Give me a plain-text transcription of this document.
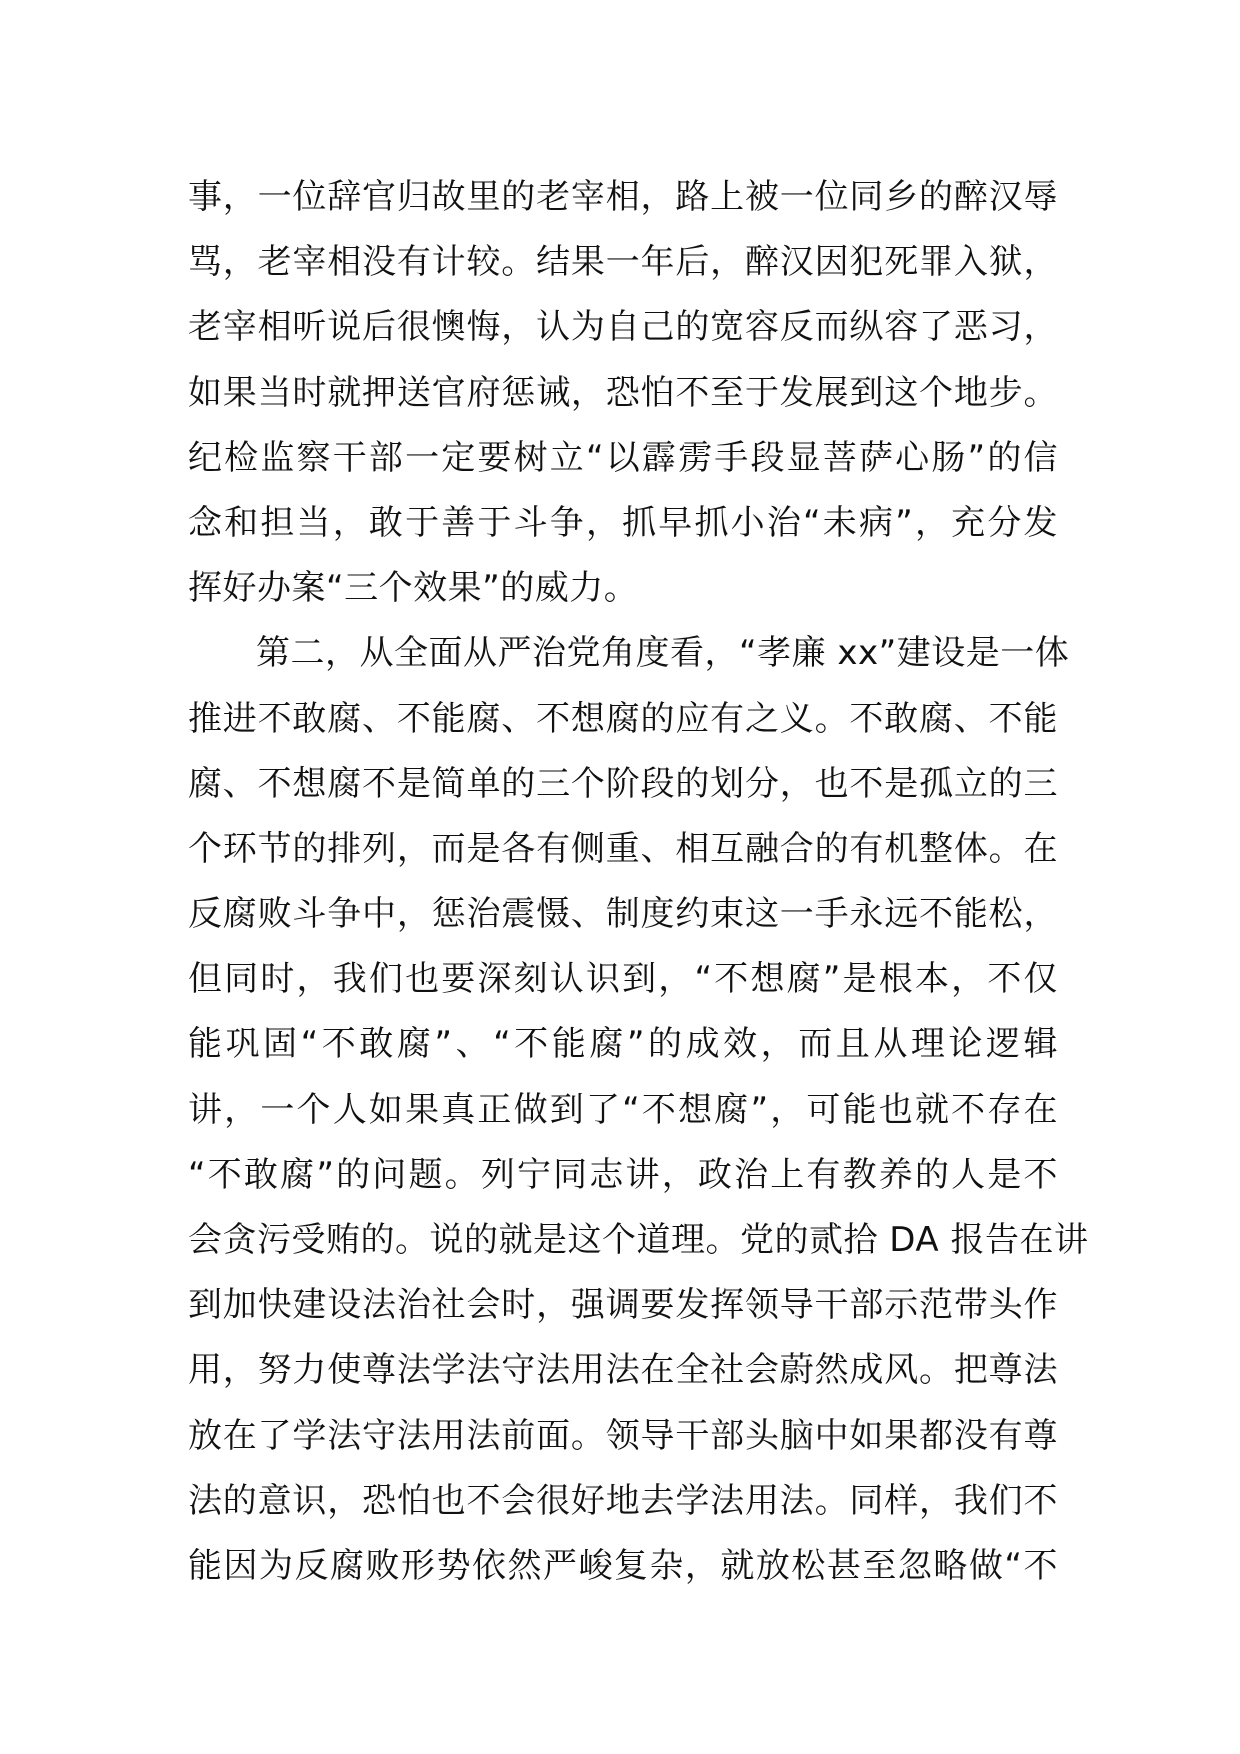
事，一位辞官归故里的老宰相，路上被一位同乡的醉汉辱
骂，老宰相没有计较。结果一年后，醉汉因犯死罪入狱，
老宰相听说后很懊悔，认为自己的宽容反而纵容了恶习，
如果当时就押送官府惩诫，恐怕不至于发展到这个地步。
纪检监察干部一定要树立“以霹雳手段显菩萨心肠”的信
念和担当，敢于善于斗争，抓早抓小治“未病”，充分发
挥好办案“三个效果”的威力。
第二，从全面从严治党角度看，“孝廉 xx”建设是一体
推进不敢腐、不能腐、不想腐的应有之义。不敢腐、不能
腐、不想腐不是简单的三个阶段的划分，也不是孤立的三
个环节的排列，而是各有侧重、相互融合的有机整体。在
反腐败斗争中，惩治震慑、制度约束这一手永远不能松，
但同时，我们也要深刻认识到，“不想腐”是根本，不仅
能巩固“不敢腐”、“不能腐”的成效，而且从理论逻辑
讲，一个人如果真正做到了“不想腐”，可能也就不存在
“不敢腐”的问题。列宁同志讲，政治上有教养的人是不
会贪污受贿的。说的就是这个道理。党的贰拾 DA 报告在讲
到加快建设法治社会时，强调要发挥领导干部示范带头作
用，努力使尊法学法守法用法在全社会蔚然成风。把尊法
放在了学法守法用法前面。领导干部头脑中如果都没有尊
法的意识，恐怕也不会很好地去学法用法。同样，我们不
能因为反腐败形势依然严峻复杂，就放松甚至忽略做“不
